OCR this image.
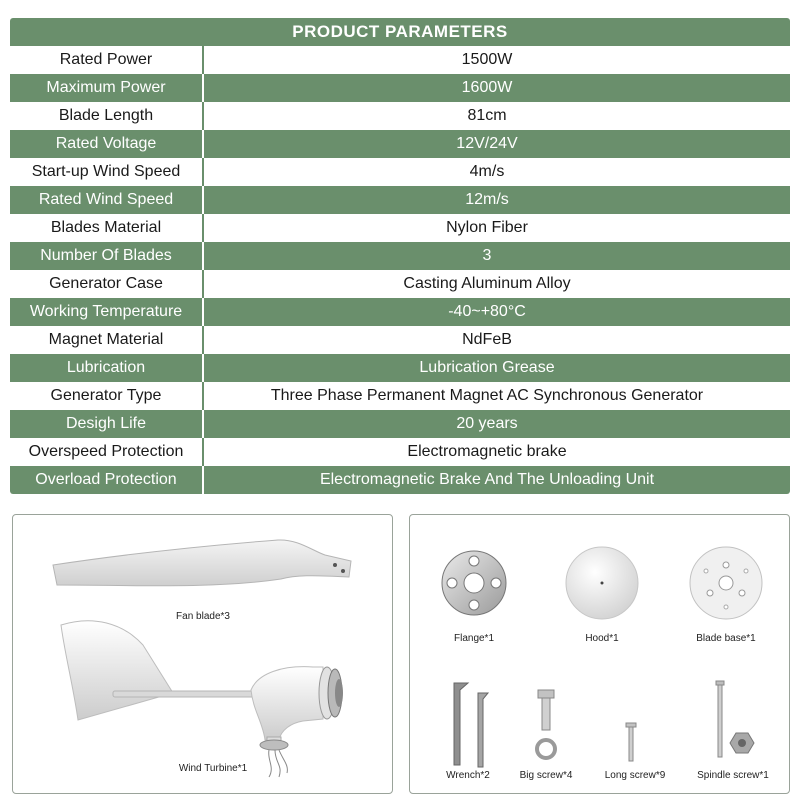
PRODUCT PARAMETERS
Rated Power	1500W
Maximum Power	1600W
Blade Length	81cm
Rated Voltage	12V/24V
Start-up Wind Speed	4m/s
Rated Wind Speed	12m/s
Blades Material	Nylon Fiber
Number Of Blades	3
Generator Case	Casting Aluminum Alloy
Working Temperature	-40~+80°C
Magnet Material	NdFeB
Lubrication	Lubrication Grease
Generator Type	Three Phase Permanent Magnet AC Synchronous Generator
Desigh Life	20 years
Overspeed Protection	Electromagnetic brake
Overload Protection	Electromagnetic Brake And The Unloading Unit
Fan blade*3
Wind Turbine*1
Flange*1	Hood*1	Blade base*1
Wrench*2	Big screw*4	Long screw*9	Spindle screw*1
